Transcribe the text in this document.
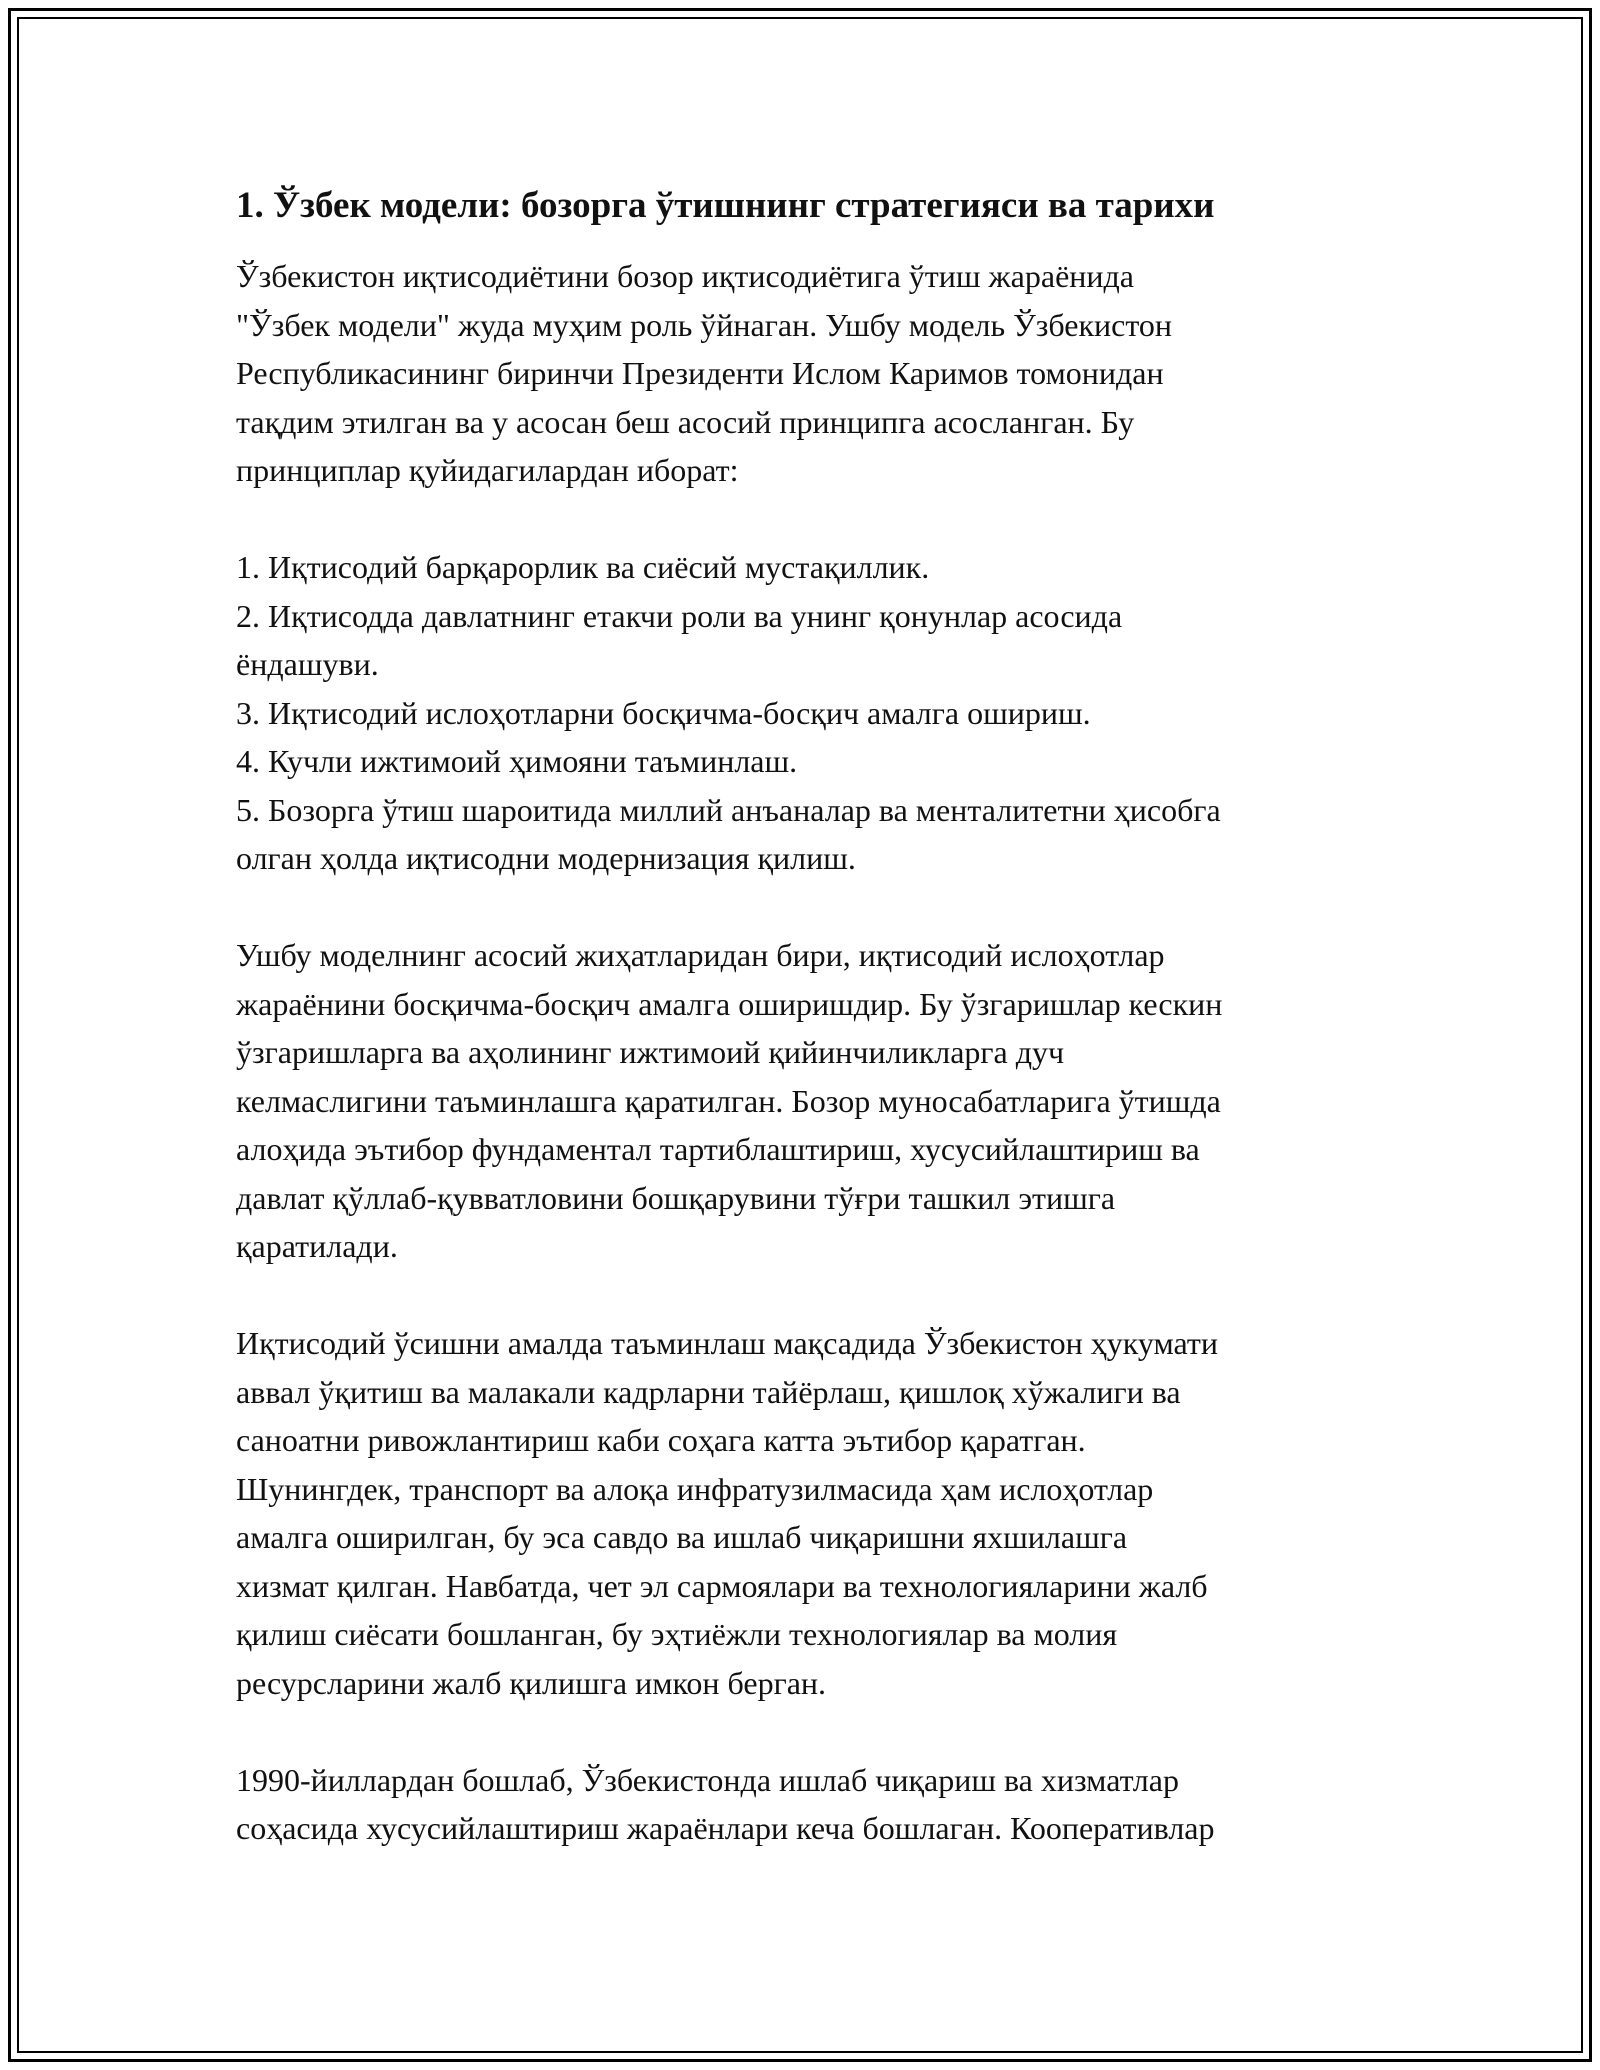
1. Ўзбек модели: бозорга ўтишнинг стратегияси ва тарихи
Ўзбекистон иқтисодиётини бозор иқтисодиётига ўтиш жараёнида
"Ўзбек модели" жуда муҳим роль ўйнаган. Ушбу модель Ўзбекистон
Республикасининг биринчи Президенти Ислом Каримов томонидан
тақдим этилган ва у асосан беш асосий принципга асосланган. Бу
принциплар қуйидагилардан иборат:
1. Иқтисодий барқарорлик ва сиёсий мустақиллик.
2. Иқтисодда давлатнинг етакчи роли ва унинг қонунлар асосида
ёндашуви.
3. Иқтисодий ислоҳотларни босқичма-босқич амалга ошириш.
4. Кучли ижтимоий ҳимояни таъминлаш.
5. Бозорга ўтиш шароитида миллий анъаналар ва менталитетни ҳисобга
олган ҳолда иқтисодни модернизация қилиш.
Ушбу моделнинг асосий жиҳатларидан бири, иқтисодий ислоҳотлар
жараёнини босқичма-босқич амалга оширишдир. Бу ўзгаришлар кескин
ўзгаришларга ва аҳолининг ижтимоий қийинчиликларга дуч
келмаслигини таъминлашга қаратилган. Бозор муносабатларига ўтишда
алоҳида эътибор фундаментал тартиблаштириш, хусусийлаштириш ва
давлат қўллаб-қувватловини бошқарувини тўғри ташкил этишга
қаратилади.
Иқтисодий ўсишни амалда таъминлаш мақсадида Ўзбекистон ҳукумати
аввал ўқитиш ва малакали кадрларни тайёрлаш, қишлоқ хўжалиги ва
саноатни ривожлантириш каби соҳага катта эътибор қаратган.
Шунингдек, транспорт ва алоқа инфратузилмасида ҳам ислоҳотлар
амалга оширилган, бу эса савдо ва ишлаб чиқаришни яхшилашга
хизмат қилган. Навбатда, чет эл сармоялари ва технологияларини жалб
қилиш сиёсати бошланган, бу эҳтиёжли технологиялар ва молия
ресурсларини жалб қилишга имкон берган.
1990-йиллардан бошлаб, Ўзбекистонда ишлаб чиқариш ва хизматлар
соҳасида хусусийлаштириш жараёнлари кеча бошлаган. Кооперативлар
